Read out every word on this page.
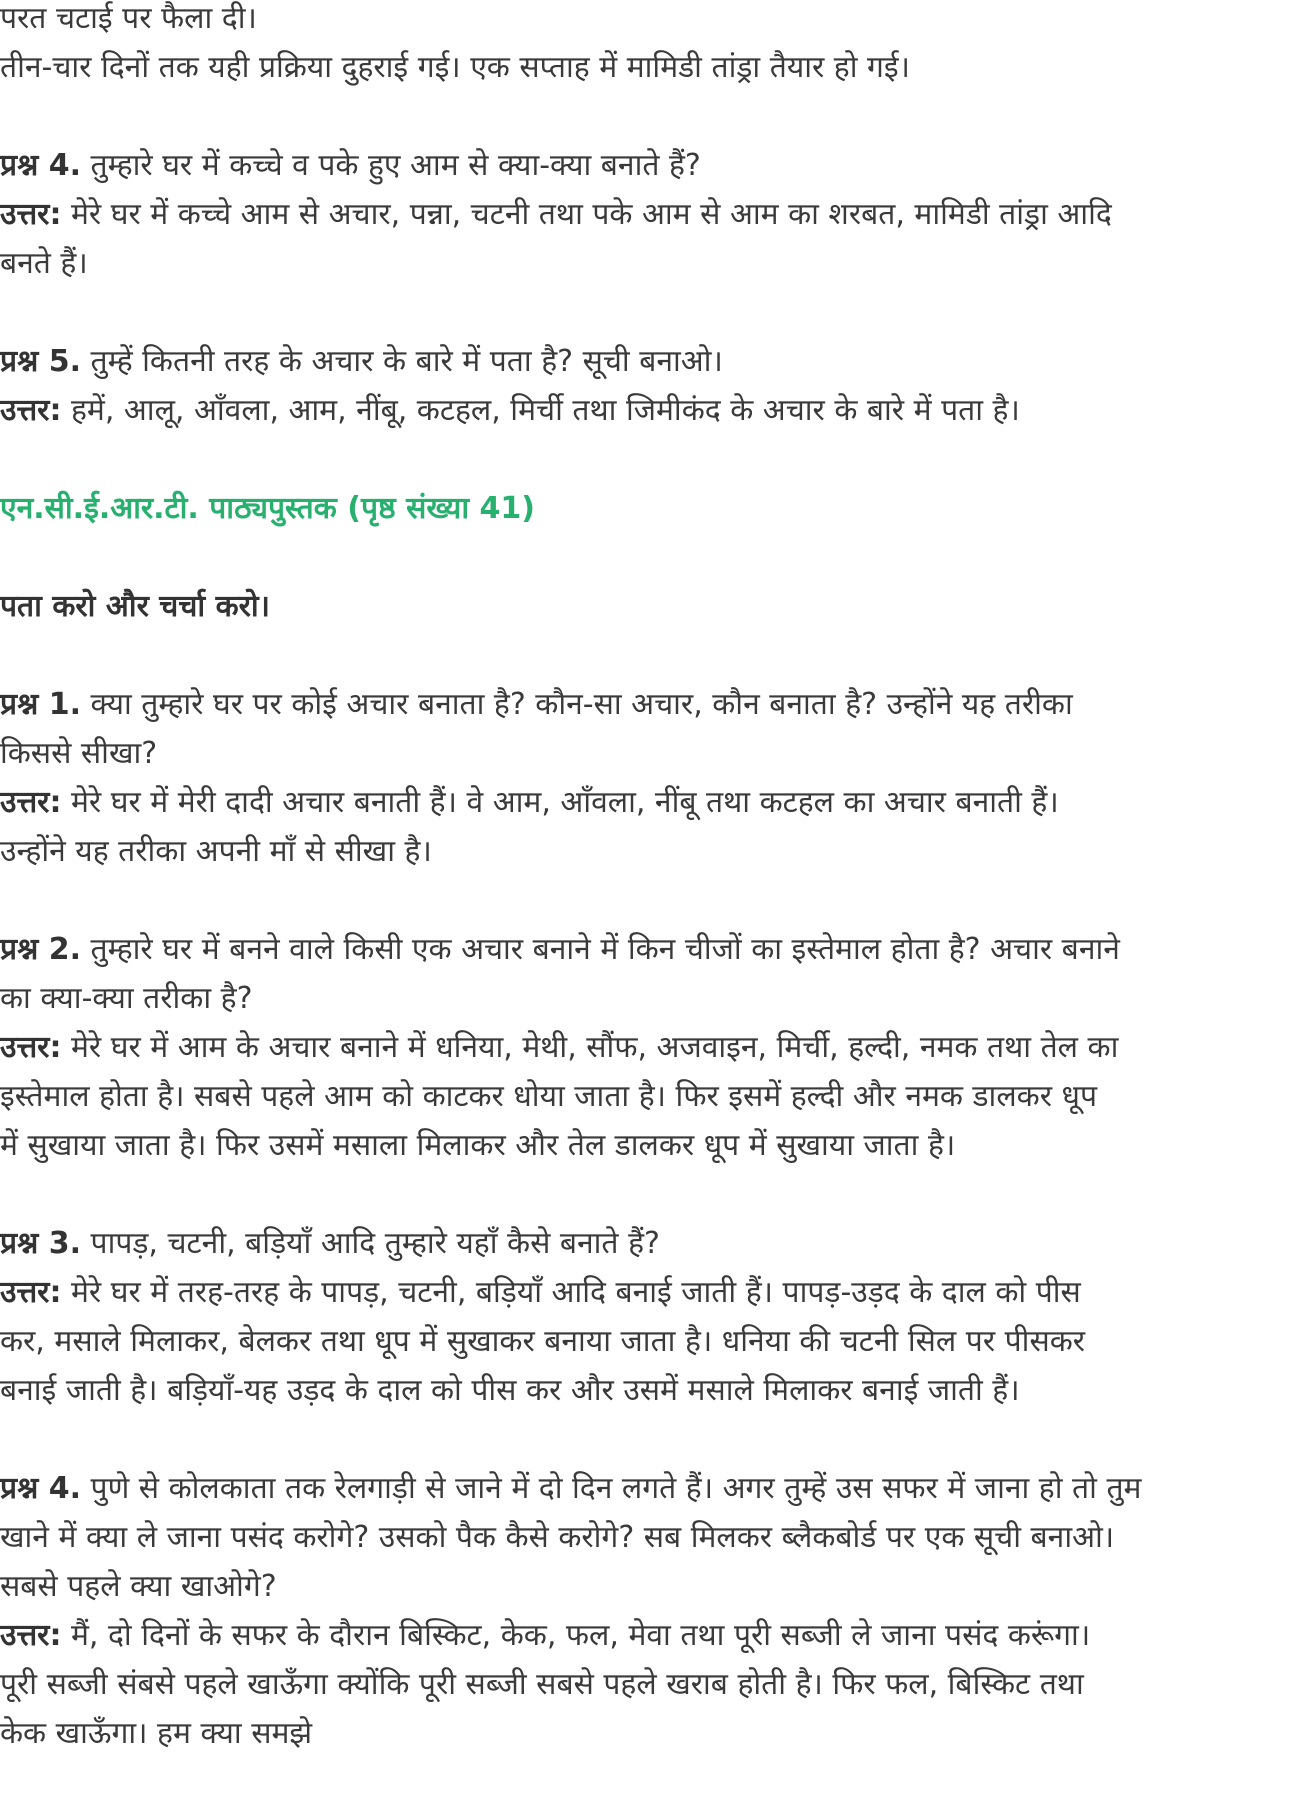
परत चटाई पर फैला दी।
तीन-चार दिनों तक यही प्रक्रिया दुहराई गई। एक सप्ताह में मामिडी तांड्रा तैयार हो गई।
प्रश्न 4. तुम्हारे घर में कच्चे व पके हुए आम से क्या-क्या बनाते हैं?
उत्तर: मेरे घर में कच्चे आम से अचार, पन्ना, चटनी तथा पके आम से आम का शरबत, मामिडी तांड्रा आदि
बनते हैं।
प्रश्न 5. तुम्हें कितनी तरह के अचार के बारे में पता है? सूची बनाओ।
उत्तर: हमें, आलू, आँवला, आम, नींबू, कटहल, मिर्ची तथा जिमीकंद के अचार के बारे में पता है।
एन.सी.ई.आर.टी. पाठ्यपुस्तक (पृष्ठ संख्या 41)
पता करो और चर्चा करो।
प्रश्न 1. क्या तुम्हारे घर पर कोई अचार बनाता है? कौन-सा अचार, कौन बनाता है? उन्होंने यह तरीका
किससे सीखा?
उत्तर: मेरे घर में मेरी दादी अचार बनाती हैं। वे आम, आँवला, नींबू तथा कटहल का अचार बनाती हैं।
उन्होंने यह तरीका अपनी माँ से सीखा है।
प्रश्न 2. तुम्हारे घर में बनने वाले किसी एक अचार बनाने में किन चीजों का इस्तेमाल होता है? अचार बनाने
का क्या-क्या तरीका है?
उत्तर: मेरे घर में आम के अचार बनाने में धनिया, मेथी, सौंफ, अजवाइन, मिर्ची, हल्दी, नमक तथा तेल का
इस्तेमाल होता है। सबसे पहले आम को काटकर धोया जाता है। फिर इसमें हल्दी और नमक डालकर धूप
में सुखाया जाता है। फिर उसमें मसाला मिलाकर और तेल डालकर धूप में सुखाया जाता है।
प्रश्न 3. पापड़, चटनी, बड़ियाँ आदि तुम्हारे यहाँ कैसे बनाते हैं?
उत्तर: मेरे घर में तरह-तरह के पापड़, चटनी, बड़ियाँ आदि बनाई जाती हैं। पापड़-उड़द के दाल को पीस
कर, मसाले मिलाकर, बेलकर तथा धूप में सुखाकर बनाया जाता है। धनिया की चटनी सिल पर पीसकर
बनाई जाती है। बड़ियाँ-यह उड़द के दाल को पीस कर और उसमें मसाले मिलाकर बनाई जाती हैं।
प्रश्न 4. पुणे से कोलकाता तक रेलगाड़ी से जाने में दो दिन लगते हैं। अगर तुम्हें उस सफर में जाना हो तो तुम
खाने में क्या ले जाना पसंद करोगे? उसको पैक कैसे करोगे? सब मिलकर ब्लैकबोर्ड पर एक सूची बनाओ।
सबसे पहले क्या खाओगे?
उत्तर: मैं, दो दिनों के सफर के दौरान बिस्किट, केक, फल, मेवा तथा पूरी सब्जी ले जाना पसंद करूंगा।
पूरी सब्जी संबसे पहले खाऊँगा क्योंकि पूरी सब्जी सबसे पहले खराब होती है। फिर फल, बिस्किट तथा
केक खाऊँगा। हम क्या समझे
